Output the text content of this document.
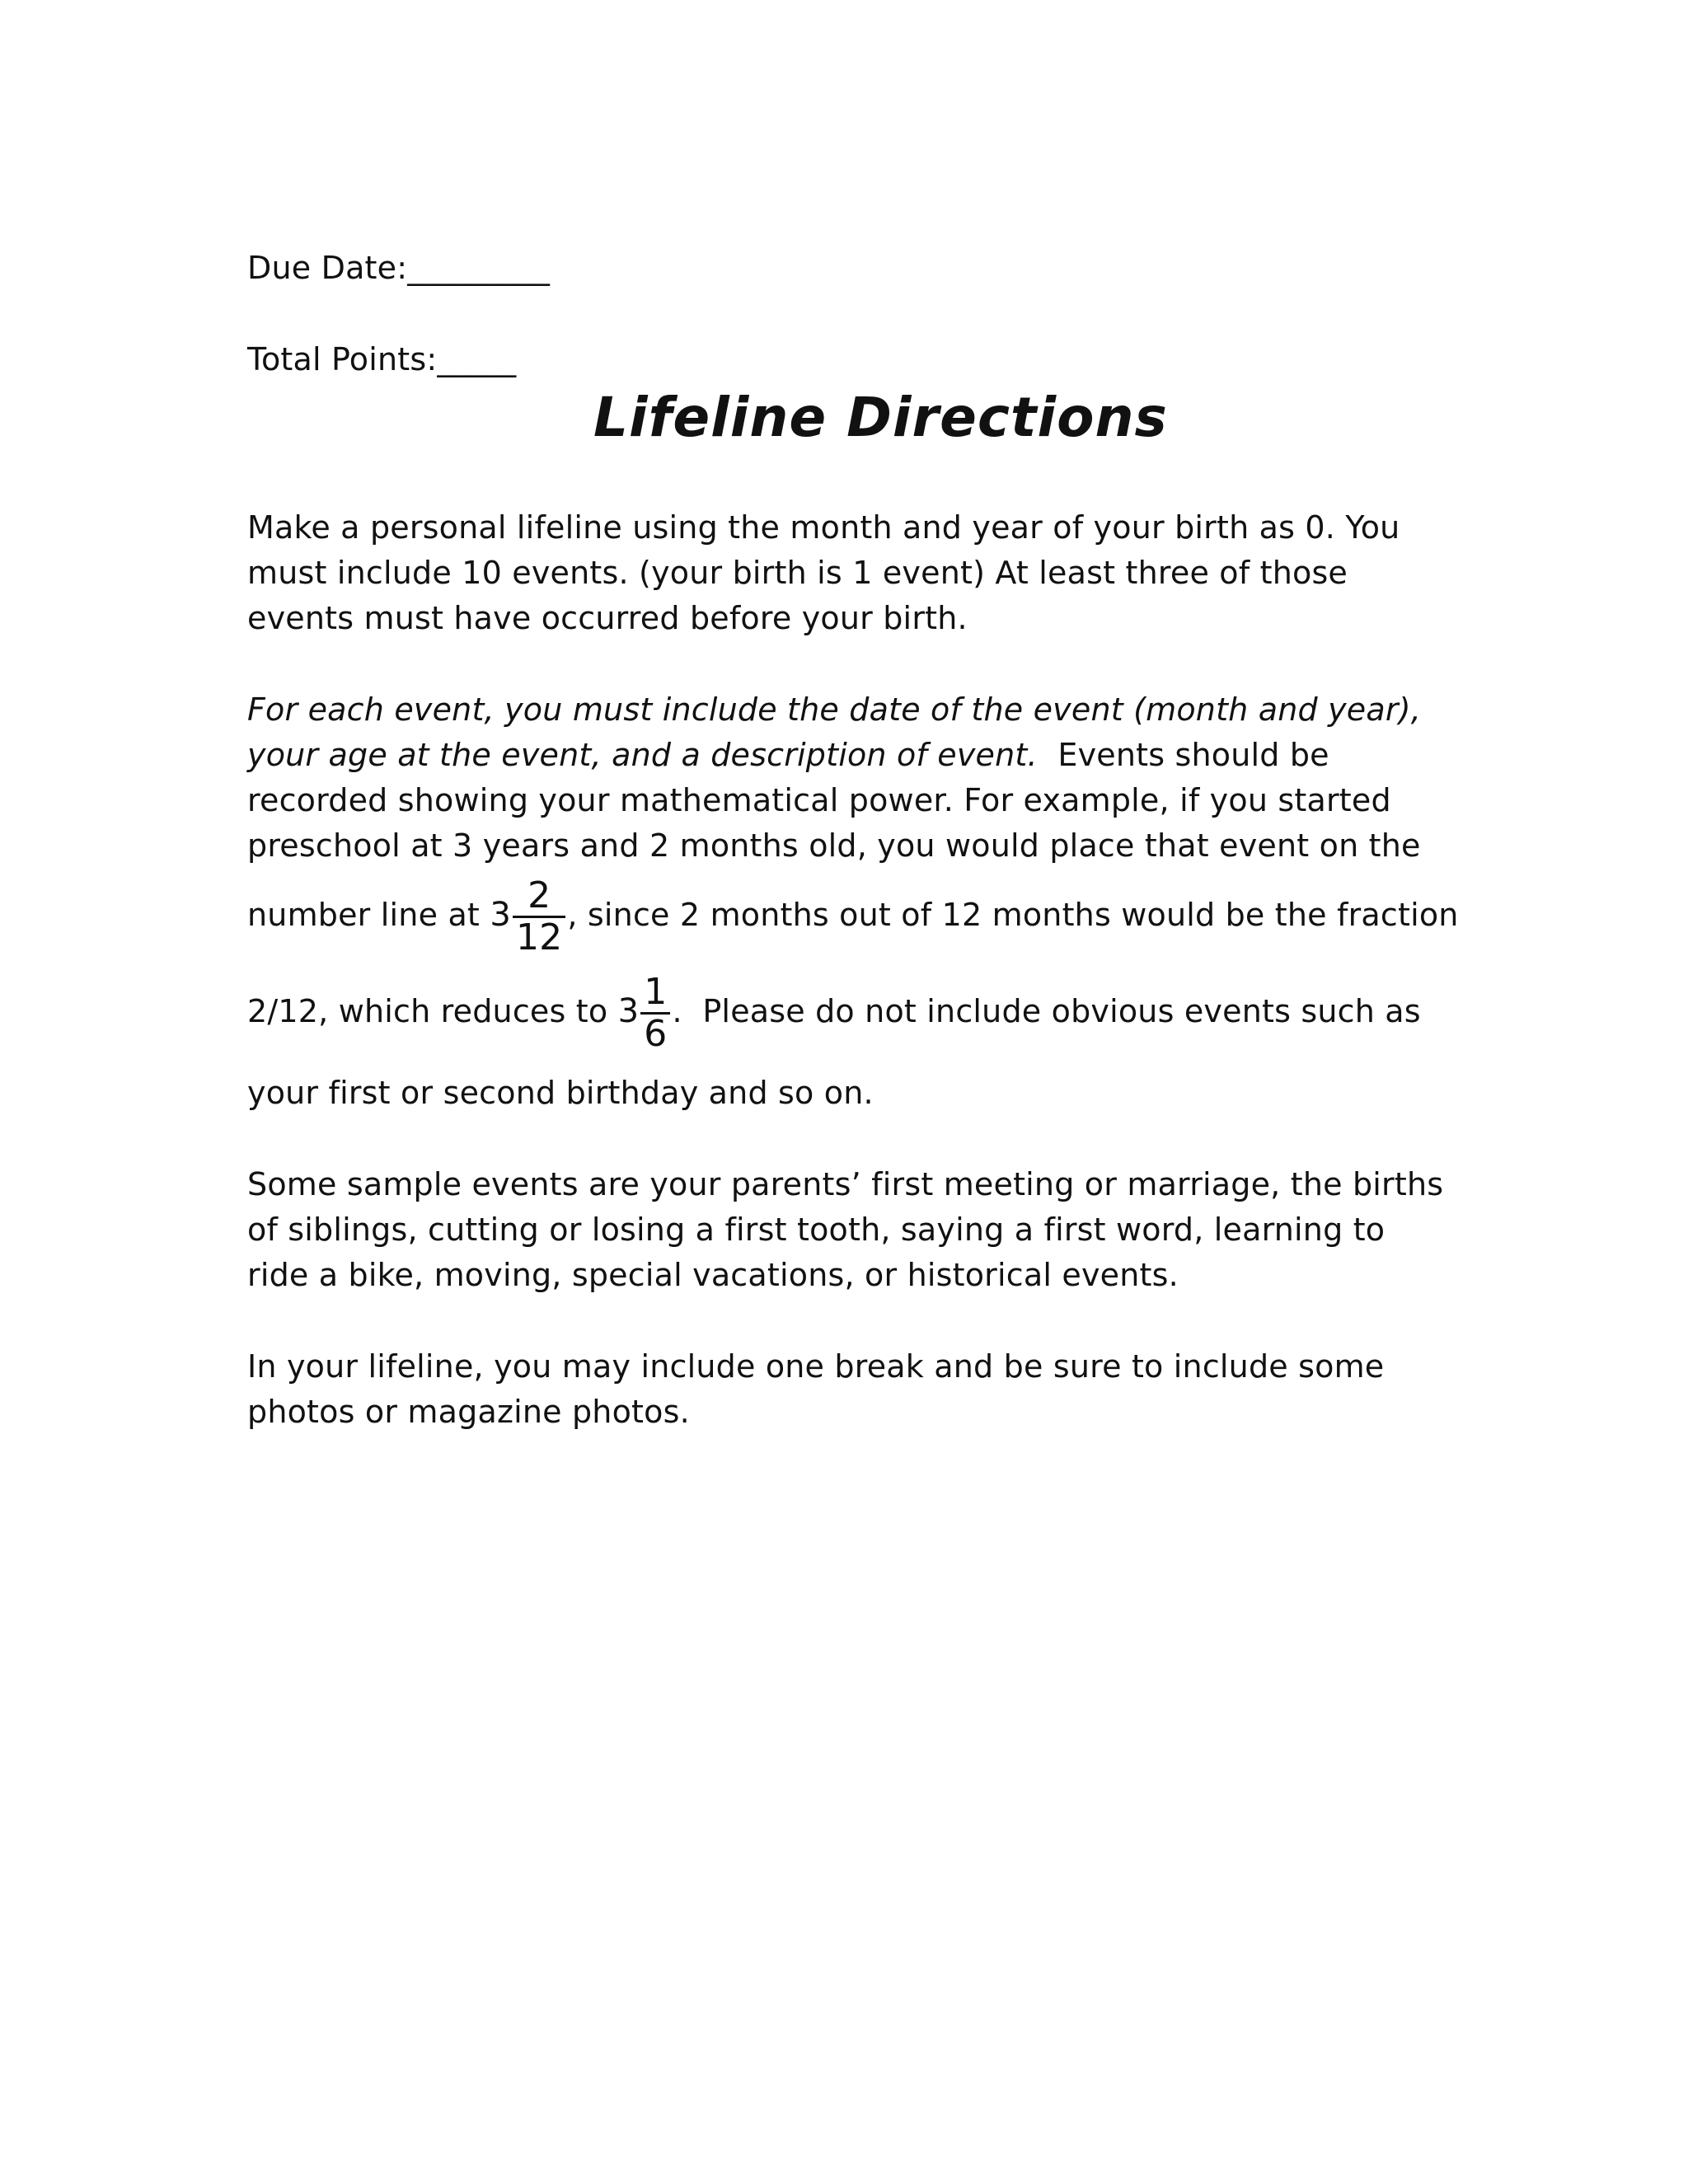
Due Date:_________
Total Points:_____
Lifeline Directions
Make a personal lifeline using the month and year of your birth as 0. You
must include 10 events. (your birth is 1 event) At least three of those
events must have occurred before your birth.
For each event, you must include the date of the event (month and year),
your age at the event, and a description of event.  Events should be
recorded showing your mathematical power. For example, if you started
preschool at 3 years and 2 months old, you would place that event on the
number line at $3 \frac{2}{12}$ , since 2 months out of 12 months would be the fraction
2/12, which reduces to $3 \frac{1}{6}$ .  Please do not include obvious events such as
your first or second birthday and so on.
Some sample events are your parents’ first meeting or marriage, the births
of siblings, cutting or losing a first tooth, saying a first word, learning to
ride a bike, moving, special vacations, or historical events.
In your lifeline, you may include one break and be sure to include some
photos or magazine photos.
